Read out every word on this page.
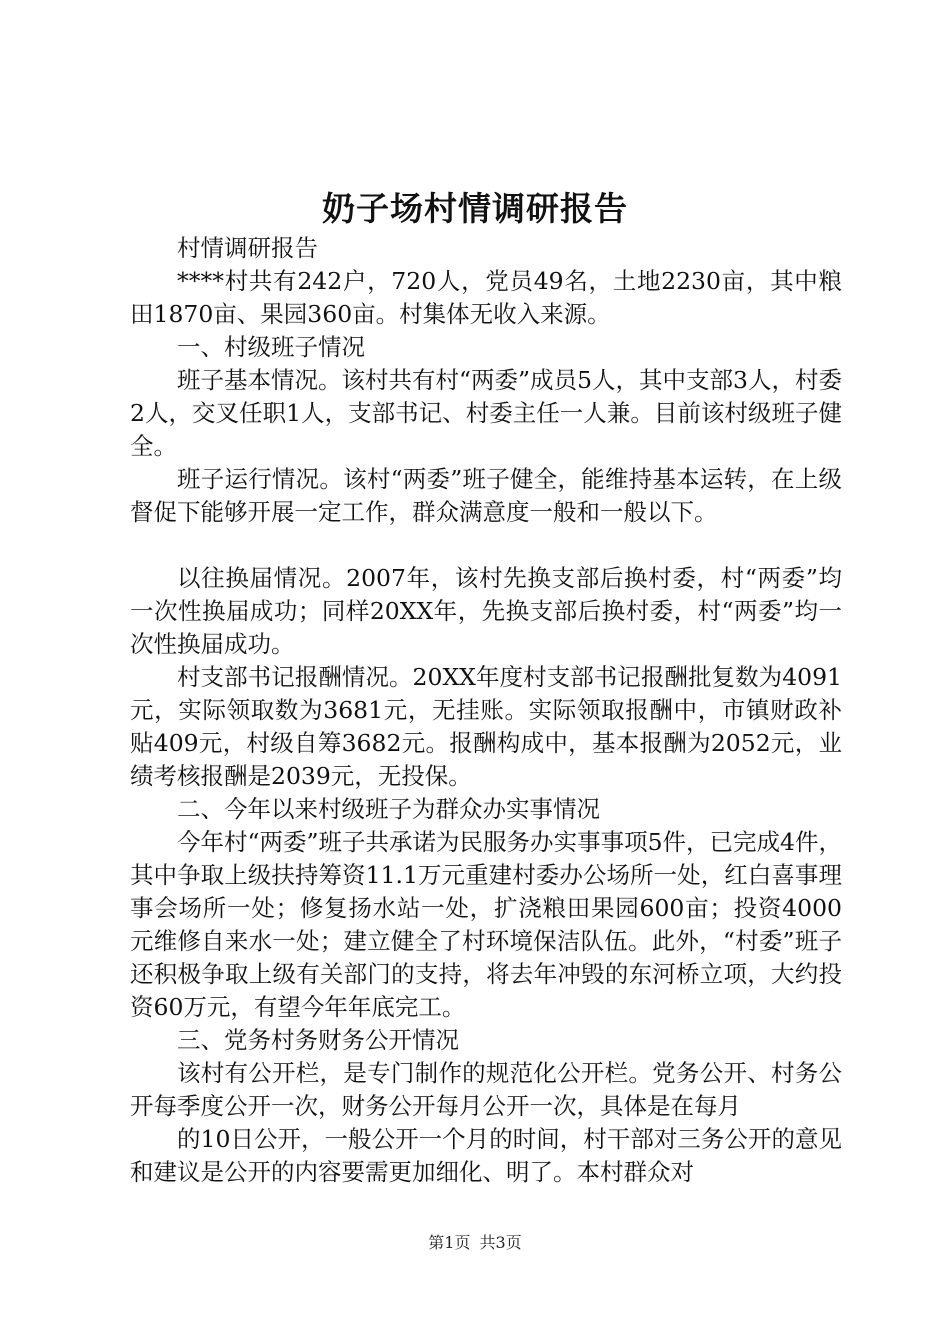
奶子场村情调研报告

村情调研报告

****村共有242户，720人，党员49名，土地2230亩，其中粮田1870亩、果园360亩。村集体无收入来源。

一、村级班子情况

班子基本情况。该村共有村“两委”成员5人，其中支部3人，村委2人，交叉任职1人，支部书记、村委主任一人兼。目前该村级班子健全。

班子运行情况。该村“两委”班子健全，能维持基本运转，在上级督促下能够开展一定工作，群众满意度一般和一般以下。

以往换届情况。2007年，该村先换支部后换村委，村“两委”均一次性换届成功；同样20XX年，先换支部后换村委，村“两委”均一次性换届成功。

村支部书记报酬情况。20XX年度村支部书记报酬批复数为4091元，实际领取数为3681元，无挂账。实际领取报酬中，市镇财政补贴409元，村级自筹3682元。报酬构成中，基本报酬为2052元，业绩考核报酬是2039元，无投保。

二、今年以来村级班子为群众办实事情况

今年村“两委”班子共承诺为民服务办实事事项5件，已完成4件，其中争取上级扶持筹资11.1万元重建村委办公场所一处，红白喜事理事会场所一处；修复扬水站一处，扩浇粮田果园600亩；投资4000元维修自来水一处；建立健全了村环境保洁队伍。此外，“村委”班子还积极争取上级有关部门的支持，将去年冲毁的东河桥立项，大约投资60万元，有望今年年底完工。

三、党务村务财务公开情况

该村有公开栏，是专门制作的规范化公开栏。党务公开、村务公开每季度公开一次，财务公开每月公开一次，具体是在每月

的10日公开，一般公开一个月的时间，村干部对三务公开的意见和建议是公开的内容要需更加细化、明了。本村群众对

第1页 共3页
